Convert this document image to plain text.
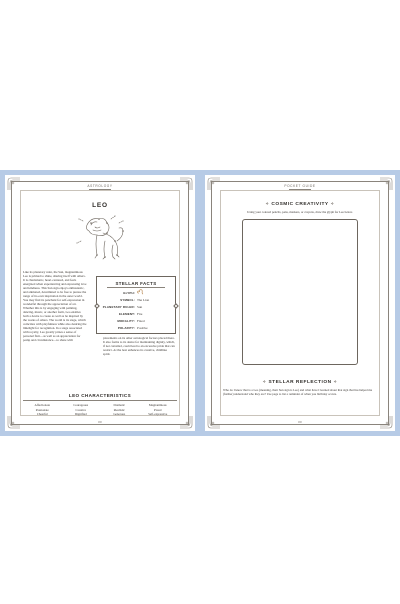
ASTROLOGY
LEO
Like its planetary ruler, the Sun, magnanimous Leo is primed to shine, sharing itself with others. It is charismatic, heart-centered, and feels energized when experiencing and expressing love and kindness. This Sun sign enjoys enthusiastic, and animated, determined to be free to pursue the range of its-own inspiration in the outer world. You may find its penchant for self-expression in wonderful through the appreciation of art. Whether this is by engaging with painting, dancing, music, or another form, Leo enables both a desire to create as well as be inspired by the works of others. The world is its stage, which coincides with playfulness while also desiring the limelight for recognition. In a stage associated with royalty, Leo greatly prizes a sense of personal flair—as well as an appreciation for pomp and circumstance—to share with
STELLAR FACTS
GLYPH:
SYMBOL: The Lion
PLANETARY RULER: Sun
ELEMENT: Fire
MODALITY: Fixed
POLARITY: Positive
placements on its other astrological factors placed there. It also forms to its desire for maintaining dignity, which, if not curtailed, could lead to an excessive pride that can restrict. At the best enhances its creative, childlike spirit.
LEO CHARACTERISTICS
Affectionate	Courageous	Dramatic	Magnanimous
Passionate	Creative	Idealistic	Proud
Cheerful	Dignified	Generous	Self-expressive
00
POCKET GUIDE
✧ COSMIC CREATIVITY ✧
Using your colored pencils, pens, markers, or crayons, draw the glyph for Leo below.
✧ STELLAR REFLECTION ✧
Who do I know that is a Leo (meaning, their Sun sign is Leo) and what have I learned about that sign that has helped me (further) understand who they are? Use page to list a reminder of when you birthday occurs.
00
